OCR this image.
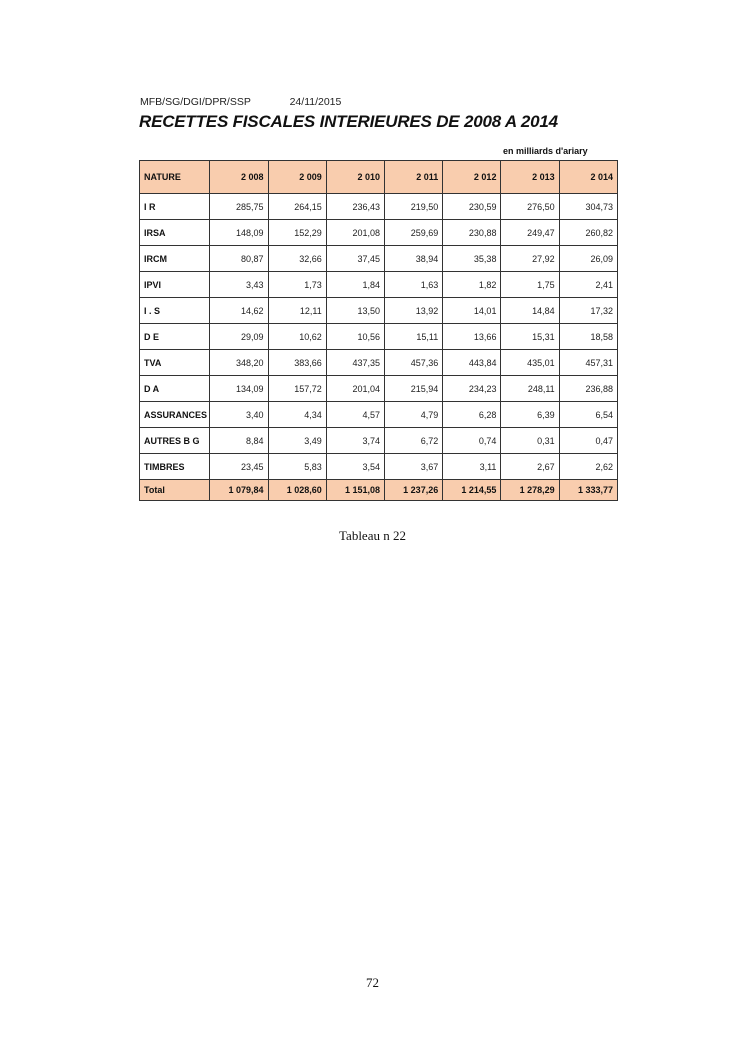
MFB/SG/DGI/DPR/SSP	24/11/2015
RECETTES FISCALES INTERIEURES DE 2008 A 2014
en milliards d'ariary
NATURE	2 008	2 009	2 010	2 011	2 012	2 013	2 014
I R	285,75	264,15	236,43	219,50	230,59	276,50	304,73
IRSA	148,09	152,29	201,08	259,69	230,88	249,47	260,82
IRCM	80,87	32,66	37,45	38,94	35,38	27,92	26,09
IPVI	3,43	1,73	1,84	1,63	1,82	1,75	2,41
I . S	14,62	12,11	13,50	13,92	14,01	14,84	17,32
D E	29,09	10,62	10,56	15,11	13,66	15,31	18,58
TVA	348,20	383,66	437,35	457,36	443,84	435,01	457,31
D A	134,09	157,72	201,04	215,94	234,23	248,11	236,88
ASSURANCES	3,40	4,34	4,57	4,79	6,28	6,39	6,54
AUTRES B G	8,84	3,49	3,74	6,72	0,74	0,31	0,47
TIMBRES	23,45	5,83	3,54	3,67	3,11	2,67	2,62
Total	1 079,84	1 028,60	1 151,08	1 237,26	1 214,55	1 278,29	1 333,77
Tableau n 22
72
